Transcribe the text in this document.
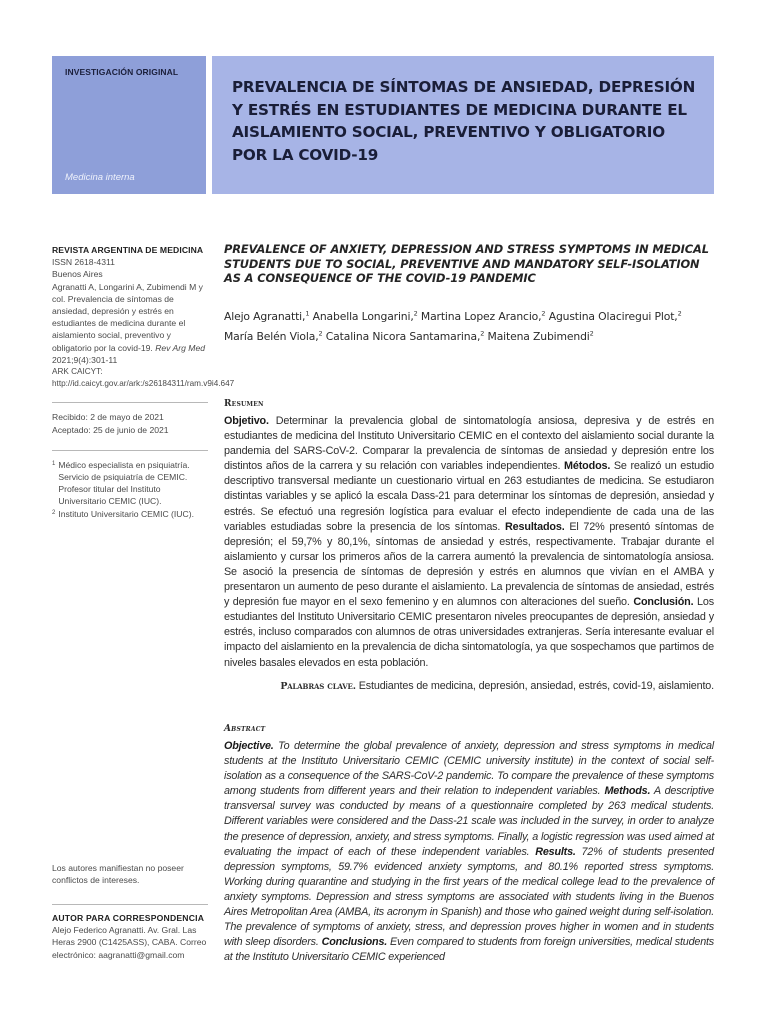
INVESTIGACIÓN ORIGINAL
Medicina interna
PREVALENCIA DE SÍNTOMAS DE ANSIEDAD, DEPRESIÓN Y ESTRÉS EN ESTUDIANTES DE MEDICINA DURANTE EL AISLAMIENTO SOCIAL, PREVENTIVO Y OBLIGATORIO POR LA COVID-19
REVISTA ARGENTINA DE MEDICINA
ISSN 2618-4311
Buenos Aires
Agranatti A, Longarini A, Zubimendi M y col. Prevalencia de síntomas de ansiedad, depresión y estrés en estudiantes de medicina durante el aislamiento social, preventivo y obligatorio por la covid-19. Rev Arg Med 2021;9(4):301-11
ARK CAICYT: http://id.caicyt.gov.ar/ark:/s26184311/ram.v9i4.647
Recibido: 2 de mayo de 2021
Aceptado: 25 de junio de 2021
1 Médico especialista en psiquiatría. Servicio de psiquiatría de CEMIC. Profesor titular del Instituto Universitario CEMIC (IUC).
2 Instituto Universitario CEMIC (IUC).
Los autores manifiestan no poseer conflictos de intereses.
AUTOR PARA CORRESPONDENCIA
Alejo Federico Agranatti. Av. Gral. Las Heras 2900 (C1425ASS), CABA. Correo electrónico: aagranatti@gmail.com
PREVALENCE OF ANXIETY, DEPRESSION AND STRESS SYMPTOMS IN MEDICAL STUDENTS DUE TO SOCIAL, PREVENTIVE AND MANDATORY SELF-ISOLATION AS A CONSEQUENCE OF THE COVID-19 PANDEMIC
Alejo Agranatti,$^1$ Anabella Longarini,$^2$ Martina Lopez Arancio,$^2$ Agustina Olaciregui Plot,$^2$ María Belén Viola,$^2$ Catalina Nicora Santamarina,$^2$ Maitena Zubimendi$^2$
Resumen
Objetivo. Determinar la prevalencia global de sintomatología ansiosa, depresiva y de estrés en estudiantes de medicina del Instituto Universitario CEMIC en el contexto del aislamiento social durante la pandemia del SARS-CoV-2. Comparar la prevalencia de síntomas de ansiedad y depresión entre los distintos años de la carrera y su relación con variables independientes. Métodos. Se realizó un estudio descriptivo transversal mediante un cuestionario virtual en 263 estudiantes de medicina. Se estudiaron distintas variables y se aplicó la escala Dass-21 para determinar los síntomas de depresión, ansiedad y estrés. Se efectuó una regresión logística para evaluar el efecto independiente de cada una de las variables estudiadas sobre la presencia de los síntomas. Resultados. El 72% presentó síntomas de depresión; el 59,7% y 80,1%, síntomas de ansiedad y estrés, respectivamente. Trabajar durante el aislamiento y cursar los primeros años de la carrera aumentó la prevalencia de sintomatología ansiosa. Se asoció la presencia de síntomas de depresión y estrés en alumnos que vivían en el AMBA y presentaron un aumento de peso durante el aislamiento. La prevalencia de síntomas de ansiedad, estrés y depresión fue mayor en el sexo femenino y en alumnos con alteraciones del sueño. Conclusión. Los estudiantes del Instituto Universitario CEMIC presentaron niveles preocupantes de depresión, ansiedad y estrés, incluso comparados con alumnos de otras universidades extranjeras. Sería interesante evaluar el impacto del aislamiento en la prevalencia de dicha sintomatología, ya que sospechamos que partimos de niveles basales elevados en esta población.
Palabras clave. Estudiantes de medicina, depresión, ansiedad, estrés, covid-19, aislamiento.
Abstract
Objective. To determine the global prevalence of anxiety, depression and stress symptoms in medical students at the Instituto Universitario CEMIC (CEMIC university institute) in the context of social self-isolation as a consequence of the SARS-CoV-2 pandemic. To compare the prevalence of these symptoms among students from different years and their relation to independent variables. Methods. A descriptive transversal survey was conducted by means of a questionnaire completed by 263 medical students. Different variables were considered and the Dass-21 scale was included in the survey, in order to analyze the presence of depression, anxiety, and stress symptoms. Finally, a logistic regression was used aimed at evaluating the impact of each of these independent variables. Results. 72% of students presented depression symptoms, 59.7% evidenced anxiety symptoms, and 80.1% reported stress symptoms. Working during quarantine and studying in the first years of the medical college lead to the prevalence of anxiety symptoms. Depression and stress symptoms are associated with students living in the Buenos Aires Metropolitan Area (AMBA, its acronym in Spanish) and those who gained weight during self-isolation. The prevalence of symptoms of anxiety, stress, and depression proves higher in women and in students with sleep disorders. Conclusions. Even compared to students from foreign universities, medical students at the Instituto Universitario CEMIC experienced
